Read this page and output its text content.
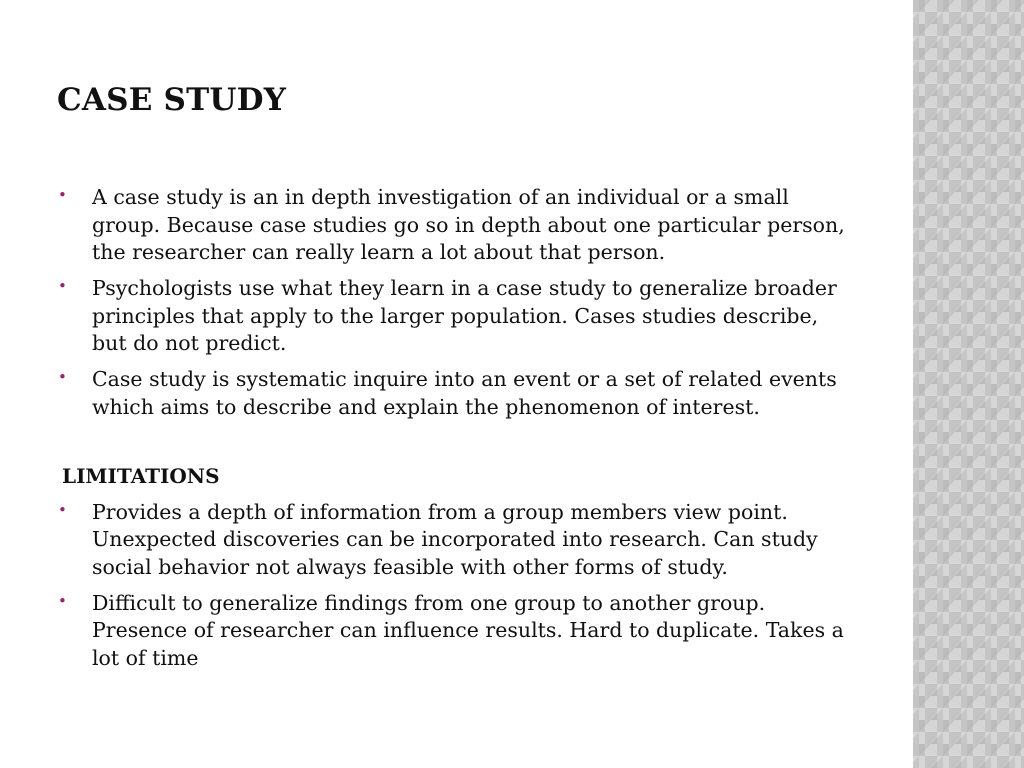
CASE STUDY
• A case study is an in depth investigation of an individual or a small group. Because case studies go so in depth about one particular person, the researcher can really learn a lot about that person.
• Psychologists use what they learn in a case study to generalize broader principles that apply to the larger population. Cases studies describe, but do not predict.
• Case study is systematic inquire into an event or a set of related events which aims to describe and explain the phenomenon of interest.
LIMITATIONS
• Provides a depth of information from a group members view point. Unexpected discoveries can be incorporated into research. Can study social behavior not always feasible with other forms of study.
• Difficult to generalize findings from one group to another group. Presence of researcher can influence results. Hard to duplicate. Takes a lot of time
